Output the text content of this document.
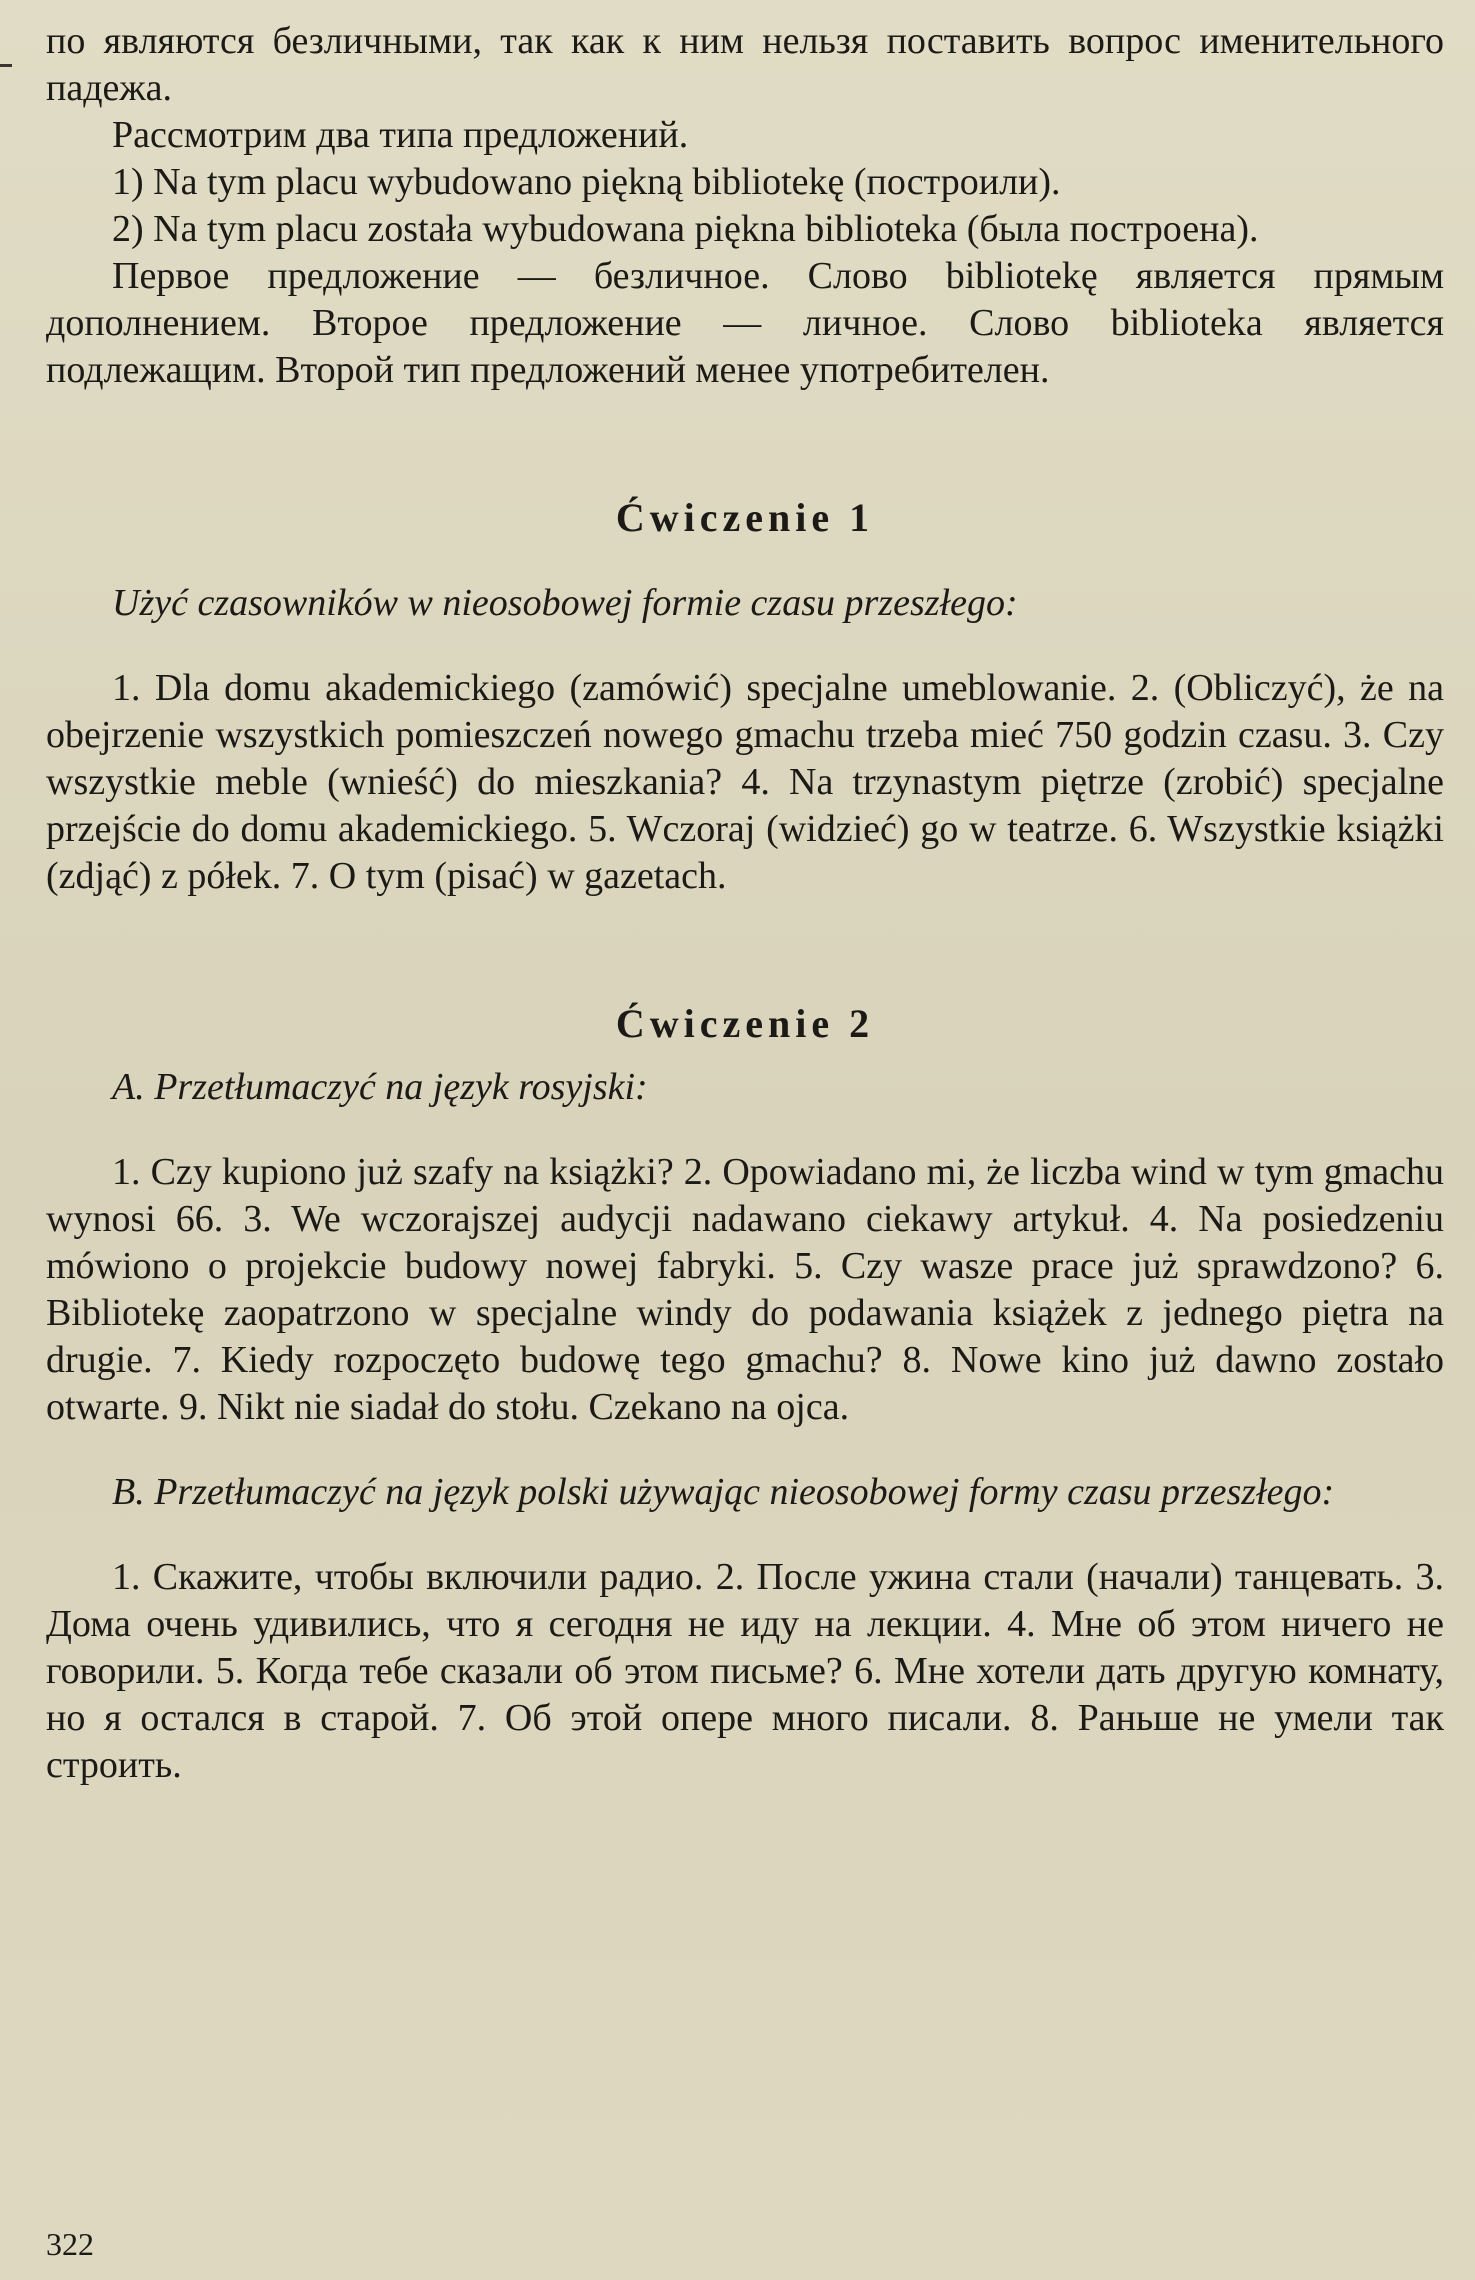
по являются безличными, так как к ним нельзя поставить вопрос именительного падежа.

Рассмотрим два типа предложений.

1) Na tym placu wybudowano piękną bibliotekę (построили).

2) Na tym placu została wybudowana piękna biblioteka (была построена).

Первое предложение — безличное. Слово bibliotekę является прямым дополнением. Второе предложение — личное. Слово biblioteka является подлежащим. Второй тип предложений менее употребителен.

Ćwiczenie 1

Użyć czasowników w nieosobowej formie czasu przeszłego:

1. Dla domu akademickiego (zamówić) specjalne umeblowanie. 2. (Obliczyć), że na obejrzenie wszystkich pomieszczeń nowego gmachu trzeba mieć 750 godzin czasu. 3. Czy wszystkie meble (wnieść) do mieszkania? 4. Na trzynastym piętrze (zrobić) specjalne przejście do domu akademickiego. 5. Wczoraj (widzieć) go w teatrze. 6. Wszystkie książki (zdjąć) z półek. 7. O tym (pisać) w gazetach.

Ćwiczenie 2

A. Przetłumaczyć na język rosyjski:

1. Czy kupiono już szafy na książki? 2. Opowiadano mi, że liczba wind w tym gmachu wynosi 66. 3. We wczorajszej audycji nadawano ciekawy artykuł. 4. Na posiedzeniu mówiono o projekcie budowy nowej fabryki. 5. Czy wasze prace już sprawdzono? 6. Bibliotekę zaopatrzono w specjalne windy do podawania książek z jednego piętra na drugie. 7. Kiedy rozpoczęto budowę tego gmachu? 8. Nowe kino już dawno zostało otwarte. 9. Nikt nie siadał do stołu. Czekano na ojca.

B. Przetłumaczyć na język polski używając nieosobowej formy czasu przeszłego:

1. Скажите, чтобы включили радио. 2. После ужина стали (начали) танцевать. 3. Дома очень удивились, что я сегодня не иду на лекции. 4. Мне об этом ничего не говорили. 5. Когда тебе сказали об этом письме? 6. Мне хотели дать другую комнату, но я остался в старой. 7. Об этой опере много писали. 8. Раньше не умели так строить.

322
